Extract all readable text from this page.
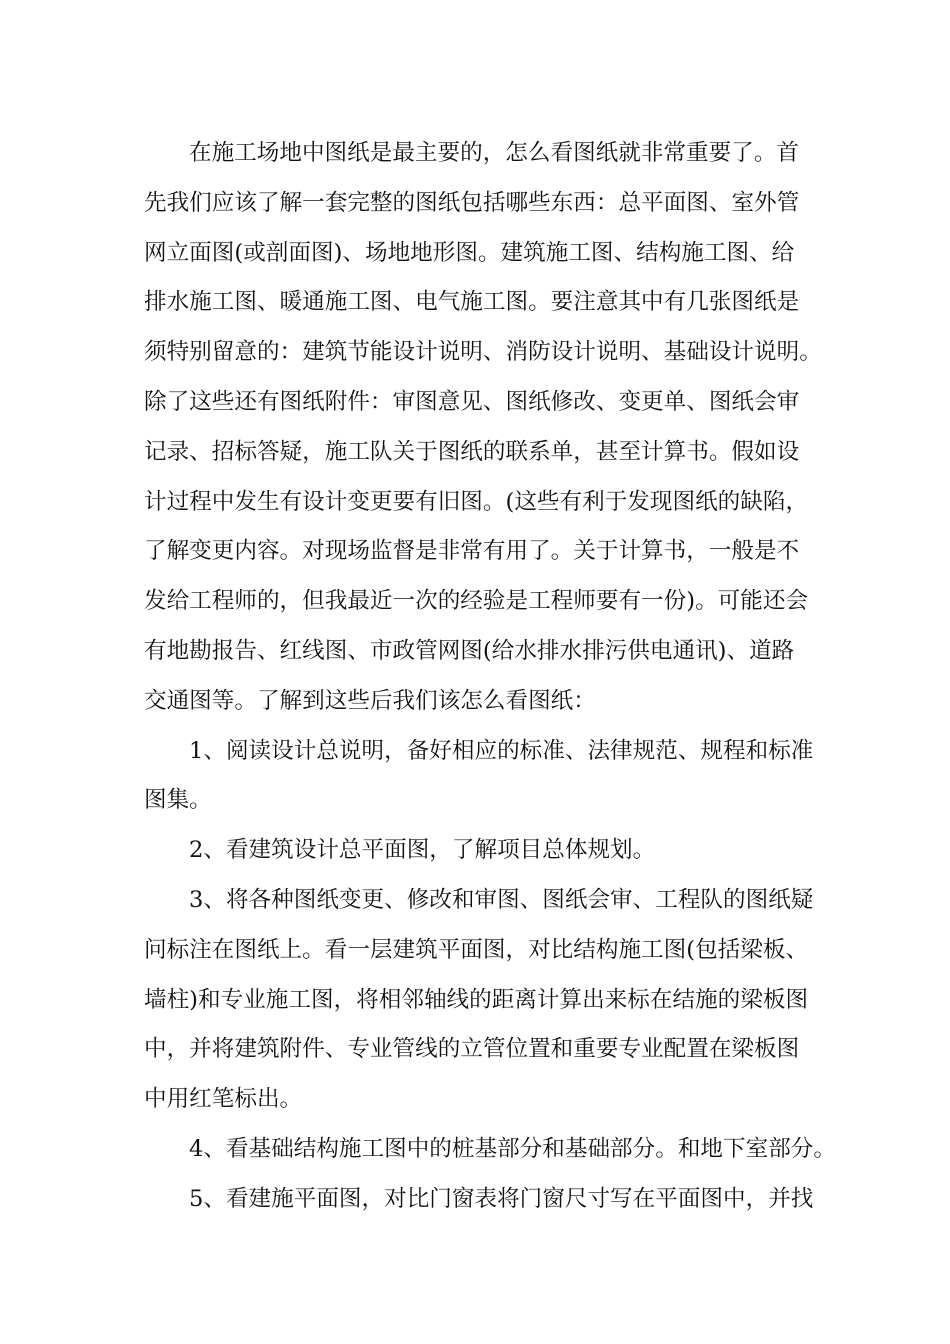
在施工场地中图纸是最主要的，怎么看图纸就非常重要了。首
先我们应该了解一套完整的图纸包括哪些东西：总平面图、室外管
网立面图(或剖面图)、场地地形图。建筑施工图、结构施工图、给
排水施工图、暖通施工图、电气施工图。要注意其中有几张图纸是
须特别留意的：建筑节能设计说明、消防设计说明、基础设计说明。
除了这些还有图纸附件：审图意见、图纸修改、变更单、图纸会审
记录、招标答疑，施工队关于图纸的联系单，甚至计算书。假如设
计过程中发生有设计变更要有旧图。(这些有利于发现图纸的缺陷，
了解变更内容。对现场监督是非常有用了。关于计算书，一般是不
发给工程师的，但我最近一次的经验是工程师要有一份)。可能还会
有地勘报告、红线图、市政管网图(给水排水排污供电通讯)、道路
交通图等。了解到这些后我们该怎么看图纸：
1、阅读设计总说明，备好相应的标准、法律规范、规程和标准
图集。
2、看建筑设计总平面图，了解项目总体规划。
3、将各种图纸变更、修改和审图、图纸会审、工程队的图纸疑
问标注在图纸上。看一层建筑平面图，对比结构施工图(包括梁板、
墙柱)和专业施工图，将相邻轴线的距离计算出来标在结施的梁板图
中，并将建筑附件、专业管线的立管位置和重要专业配置在梁板图
中用红笔标出。
4、看基础结构施工图中的桩基部分和基础部分。和地下室部分。
5、看建施平面图，对比门窗表将门窗尺寸写在平面图中，并找
